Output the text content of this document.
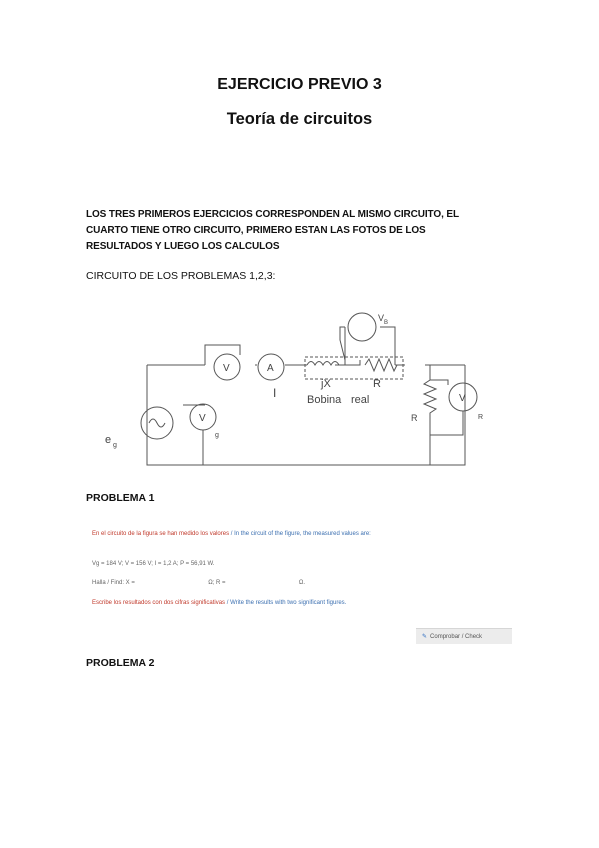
EJERCICIO PREVIO 3
Teoría de circuitos
LOS TRES PRIMEROS EJERCICIOS CORRESPONDEN AL MISMO CIRCUITO, EL
CUARTO TIENE OTRO CIRCUITO, PRIMERO ESTAN LAS FOTOS DE LOS
RESULTADOS Y LUEGO LOS CALCULOS
CIRCUITO DE LOS PROBLEMAS 1,2,3:
V B
V	A
I
jX	R
Bobina real
R
V
R
V
g
e g
PROBLEMA 1
En el circuito de la figura se han medido los valores / In the circuit of the figure, the measured values are:
Vg = 184 V; V = 156 V; I = 1,2 A; P = 56,91 W.
Halla / Find: X =	Ω; R =	Ω.
Escribe los resultados con dos cifras significativas / Write the results with two significant figures.
✎ Comprobar / Check
PROBLEMA 2
